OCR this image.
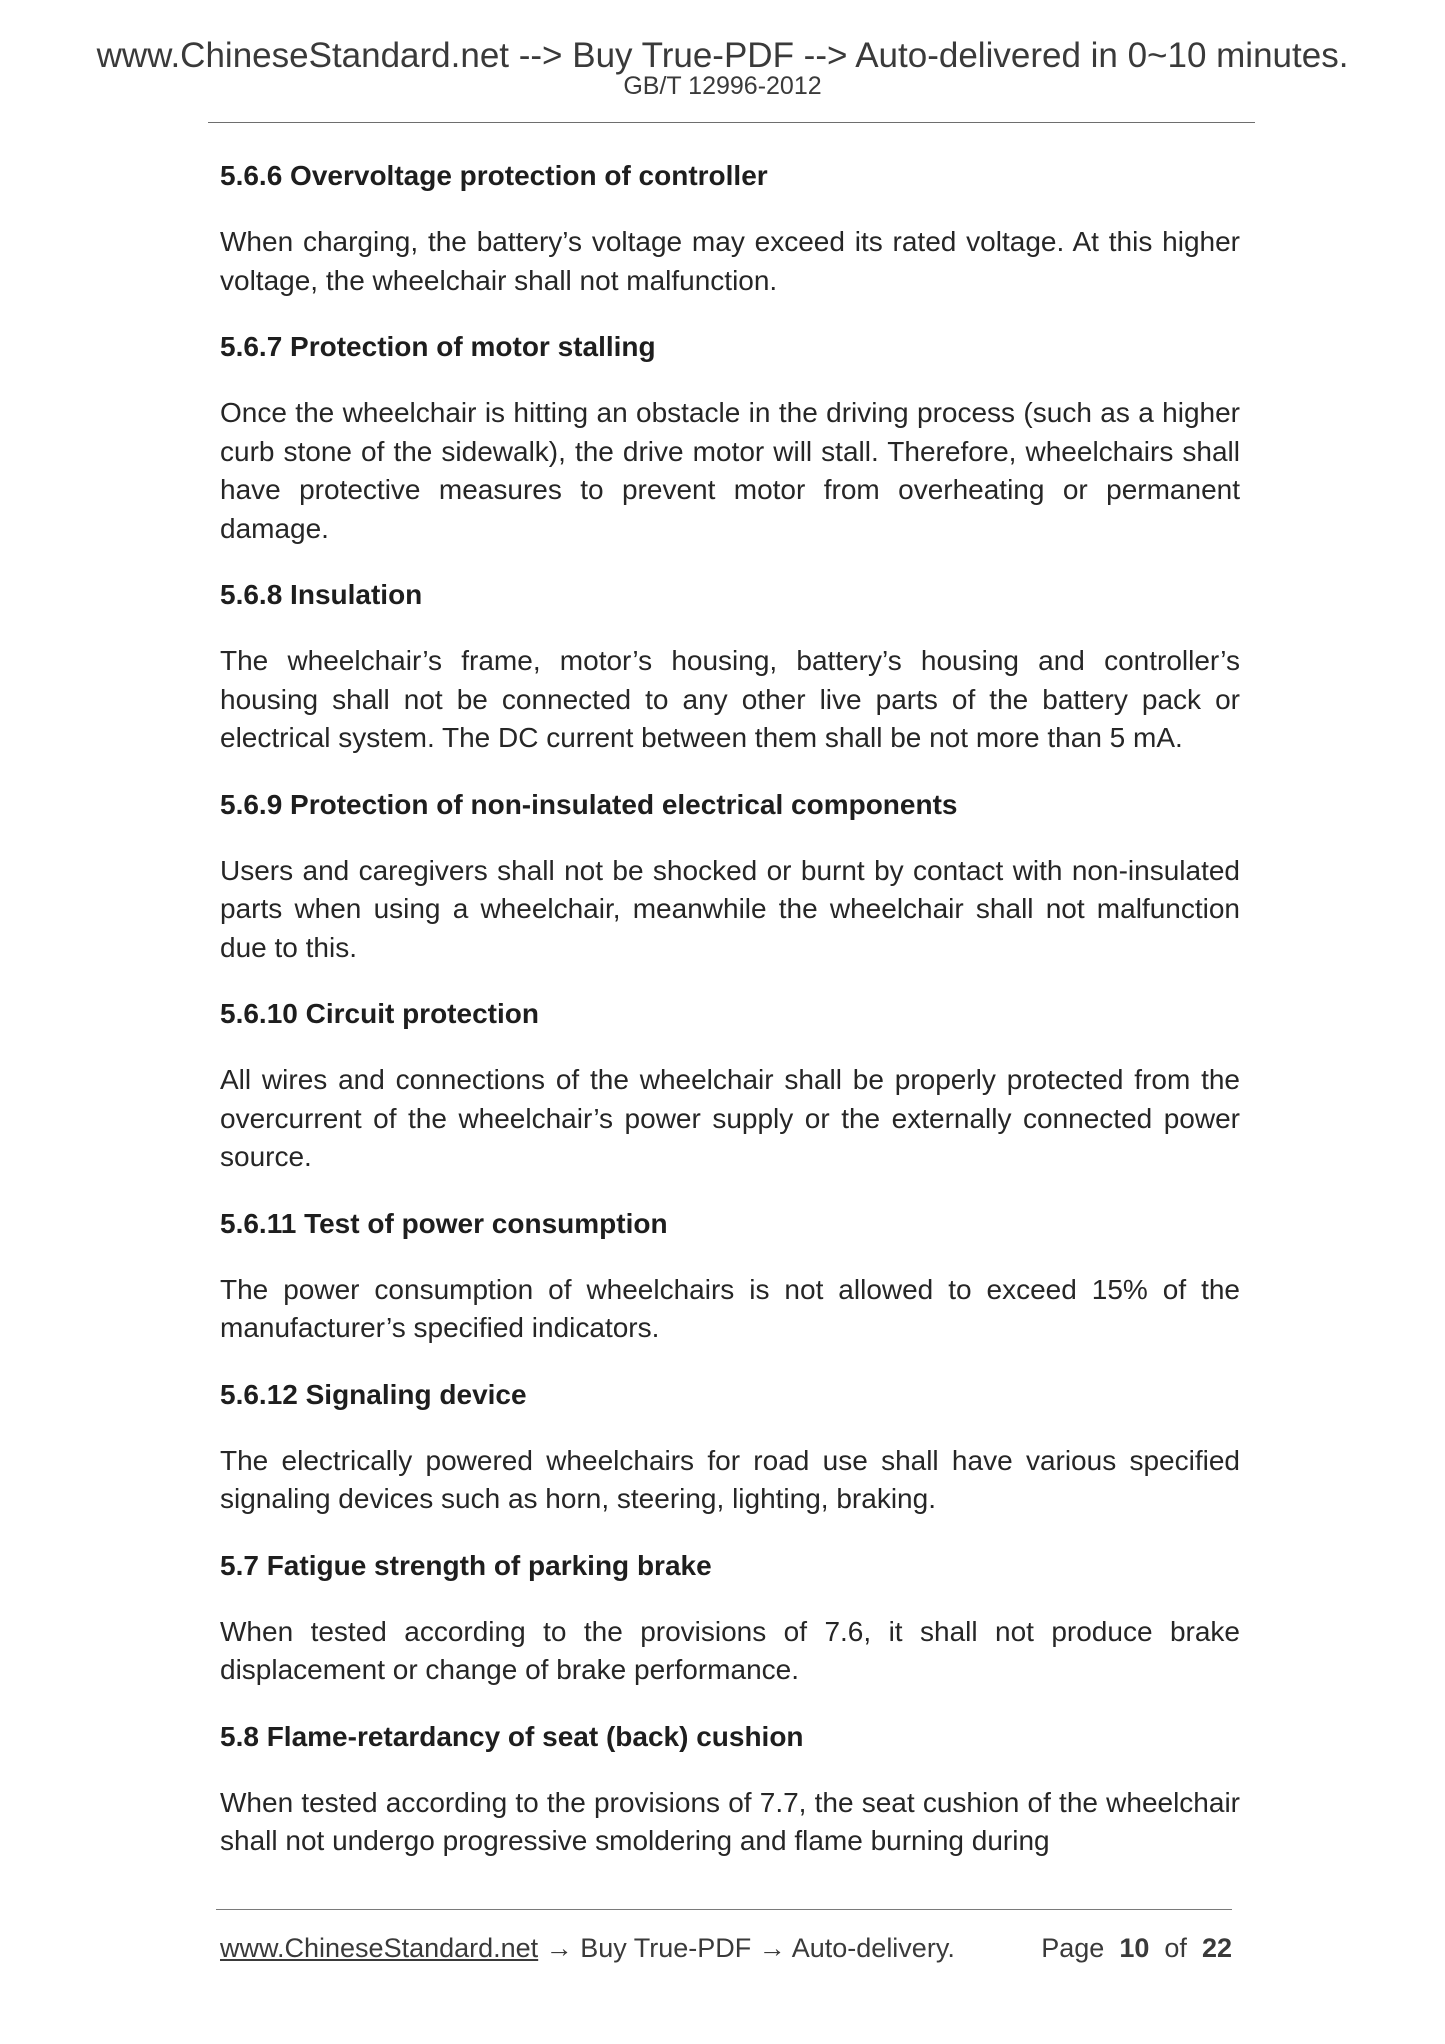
www.ChineseStandard.net --> Buy True-PDF --> Auto-delivered in 0~10 minutes.
GB/T 12996-2012

5.6.6 Overvoltage protection of controller

When charging, the battery’s voltage may exceed its rated voltage. At this higher voltage, the wheelchair shall not malfunction.

5.6.7 Protection of motor stalling

Once the wheelchair is hitting an obstacle in the driving process (such as a higher curb stone of the sidewalk), the drive motor will stall. Therefore, wheelchairs shall have protective measures to prevent motor from overheating or permanent damage.

5.6.8 Insulation

The wheelchair’s frame, motor’s housing, battery’s housing and controller’s housing shall not be connected to any other live parts of the battery pack or electrical system. The DC current between them shall be not more than 5 mA.

5.6.9 Protection of non-insulated electrical components

Users and caregivers shall not be shocked or burnt by contact with non-insulated parts when using a wheelchair, meanwhile the wheelchair shall not malfunction due to this.

5.6.10 Circuit protection

All wires and connections of the wheelchair shall be properly protected from the overcurrent of the wheelchair’s power supply or the externally connected power source.

5.6.11 Test of power consumption

The power consumption of wheelchairs is not allowed to exceed 15% of the manufacturer’s specified indicators.

5.6.12 Signaling device

The electrically powered wheelchairs for road use shall have various specified signaling devices such as horn, steering, lighting, braking.

5.7 Fatigue strength of parking brake

When tested according to the provisions of 7.6, it shall not produce brake displacement or change of brake performance.

5.8 Flame-retardancy of seat (back) cushion

When tested according to the provisions of 7.7, the seat cushion of the wheelchair shall not undergo progressive smoldering and flame burning during

www.ChineseStandard.net → Buy True-PDF → Auto-delivery.	Page 10 of 22
